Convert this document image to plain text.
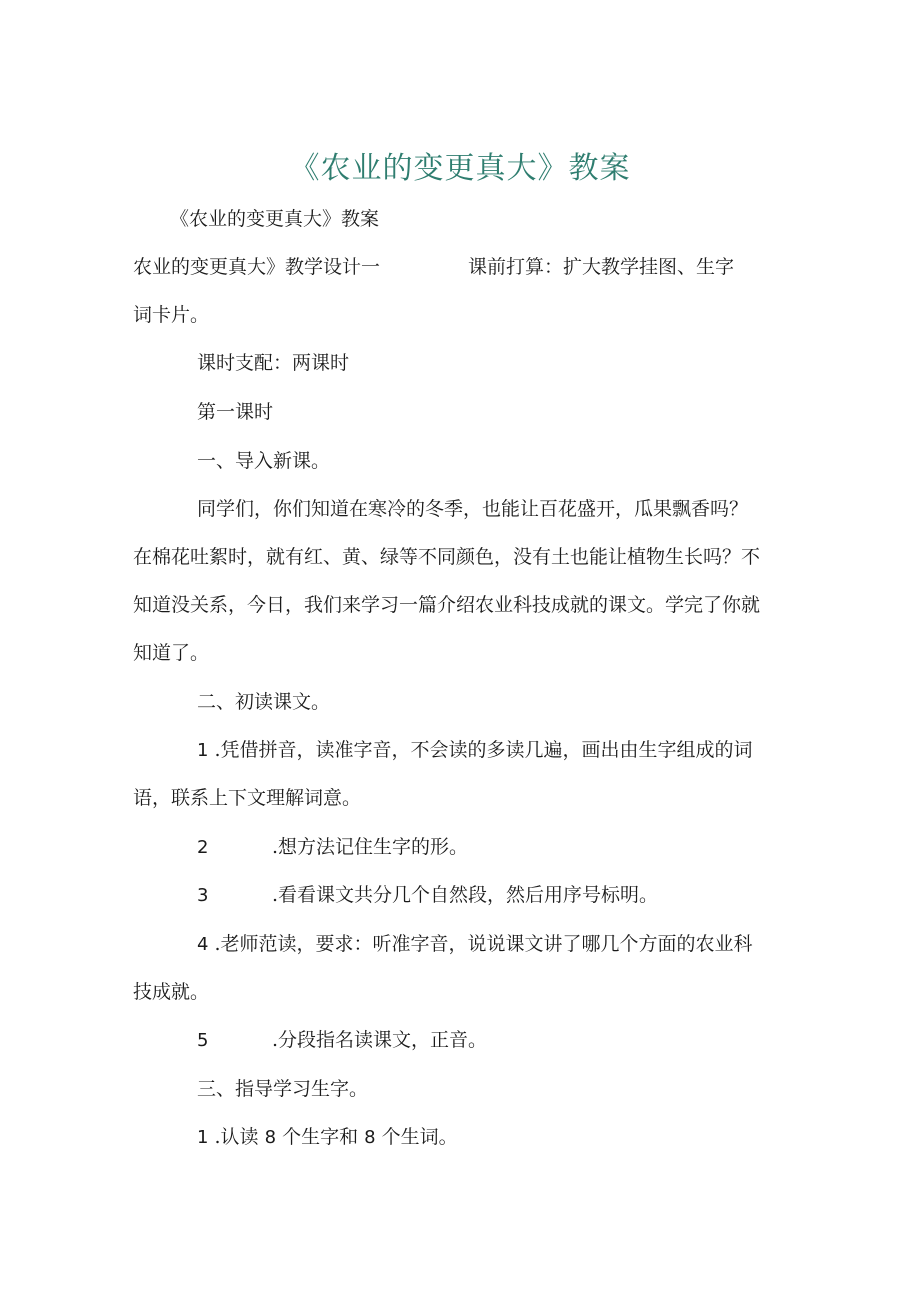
《农业的变更真大》教案

《农业的变更真大》教案

农业的变更真大》教学设计一	课前打算：扩大教学挂图、生字

词卡片。

课时支配：两课时

第一课时

一、导入新课。

同学们，你们知道在寒冷的冬季，也能让百花盛开，瓜果飘香吗？

在棉花吐絮时，就有红、黄、绿等不同颜色，没有土也能让植物生长吗？不

知道没关系，今日，我们来学习一篇介绍农业科技成就的课文。学完了你就

知道了。

二、初读课文。

1 .凭借拼音，读准字音，不会读的多读几遍，画出由生字组成的词

语，联系上下文理解词意。

2	.想方法记住生字的形。

3	.看看课文共分几个自然段，然后用序号标明。

4 .老师范读，要求：听准字音，说说课文讲了哪几个方面的农业科

技成就。

5	.分段指名读课文，正音。

三、指导学习生字。

1 .认读 8 个生字和 8 个生词。
